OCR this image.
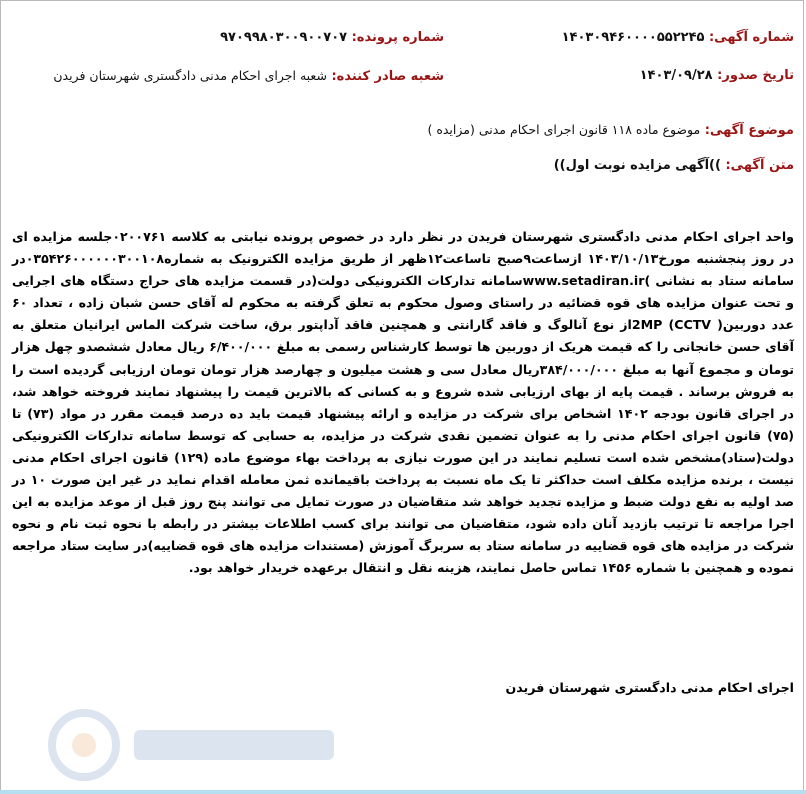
شماره آگهی: ۱۴۰۳۰۹۴۶۰۰۰۰۵۵۲۲۴۵
شماره پرونده: ۹۷۰۹۹۸۰۳۰۰۹۰۰۷۰۷
تاریخ صدور: ۱۴۰۳/۰۹/۲۸
شعبه صادر کننده: شعبه اجرای احکام مدنی دادگستری شهرستان فریدن
موضوع آگهی: موضوع ماده ۱۱۸ قانون اجرای احکام مدنی (مزایده )
متن آگهی: ))آگهی مزایده نوبت اول))
واحد اجرای احکام مدنی دادگستری شهرستان فریدن در نظر دارد در خصوص پرونده نیابتی به کلاسه ۰۲۰۰۷۶۱جلسه مزایده ای در روز پنجشنبه مورخ۱۴۰۳/۱۰/۱۳ ازساعت۹صبح تاساعت۱۲ظهر از طریق مزایده الکترونیک به شماره۰۳۵۴۲۶۰۰۰۰۰۰۳۰۰۱۰۸در سامانه ستاد به نشانی )www.setadiran.irسامانه تدارکات الکترونیکی دولت(در قسمت مزایده های حراج دستگاه های اجرایی و تحت عنوان مزایده های قوه قضائیه در راستای وصول محکوم به تعلق گرفته به محکوم له آقای حسن شبان زاده ، تعداد ۶۰ عدد دوربین( CCTV) 2MPاز نوع آنالوگ و فاقد گارانتی و همچنین فاقد آداپتور برق، ساخت شرکت الماس ایرانیان متعلق به آقای حسن خانجانی را که قیمت هریک از دوربین ها توسط کارشناس رسمی به مبلغ ۶/۴۰۰/۰۰۰ ریال معادل ششصدو چهل هزار تومان و مجموع آنها به مبلغ ۳۸۴/۰۰۰/۰۰۰ریال معادل سی و هشت میلیون و چهارصد هزار تومان تومان ارزیابی گردیده است را به فروش برساند . قیمت پایه از بهای ارزیابی شده شروع و به کسانی که بالاترین قیمت را پیشنهاد نمایند فروخته خواهد شد، در اجرای قانون بودجه ۱۴۰۲ اشخاص برای شرکت در مزایده و ارائه پیشنهاد قیمت باید ده درصد قیمت مقرر در مواد (۷۳) تا (۷۵) قانون اجرای احکام مدنی را به عنوان تضمین نقدی شرکت در مزایده، به حسابی که توسط سامانه تدارکات الکترونیکی دولت(ستاد)مشخص شده است تسلیم نمایند در این صورت نیازی به پرداخت بهاء موضوع ماده (۱۲۹) قانون اجرای احکام مدنی نیست ، برنده مزایده مکلف است حداکثر تا یک ماه نسبت به پرداخت باقیمانده ثمن معامله اقدام نماید در غیر این صورت ۱۰ در صد اولیه به نفع دولت ضبط و مزایده تجدید خواهد شد متقاضیان در صورت تمایل می توانند پنج روز قبل از موعد مزایده به این اجرا مراجعه تا ترتیب بازدید آنان داده شود، متقاضیان می توانند برای کسب اطلاعات بیشتر در رابطه با نحوه ثبت نام و نحوه شرکت در مزایده های قوه قضاییه در سامانه ستاد به سربرگ آموزش (مستندات مزایده های قوه قضاییه)در سایت ستاد مراجعه نموده و همچنین با شماره ۱۴۵۶ تماس حاصل نمایند، هزینه نقل و انتقال برعهده خریدار خواهد بود.
اجرای احکام مدنی دادگستری شهرستان فریدن
